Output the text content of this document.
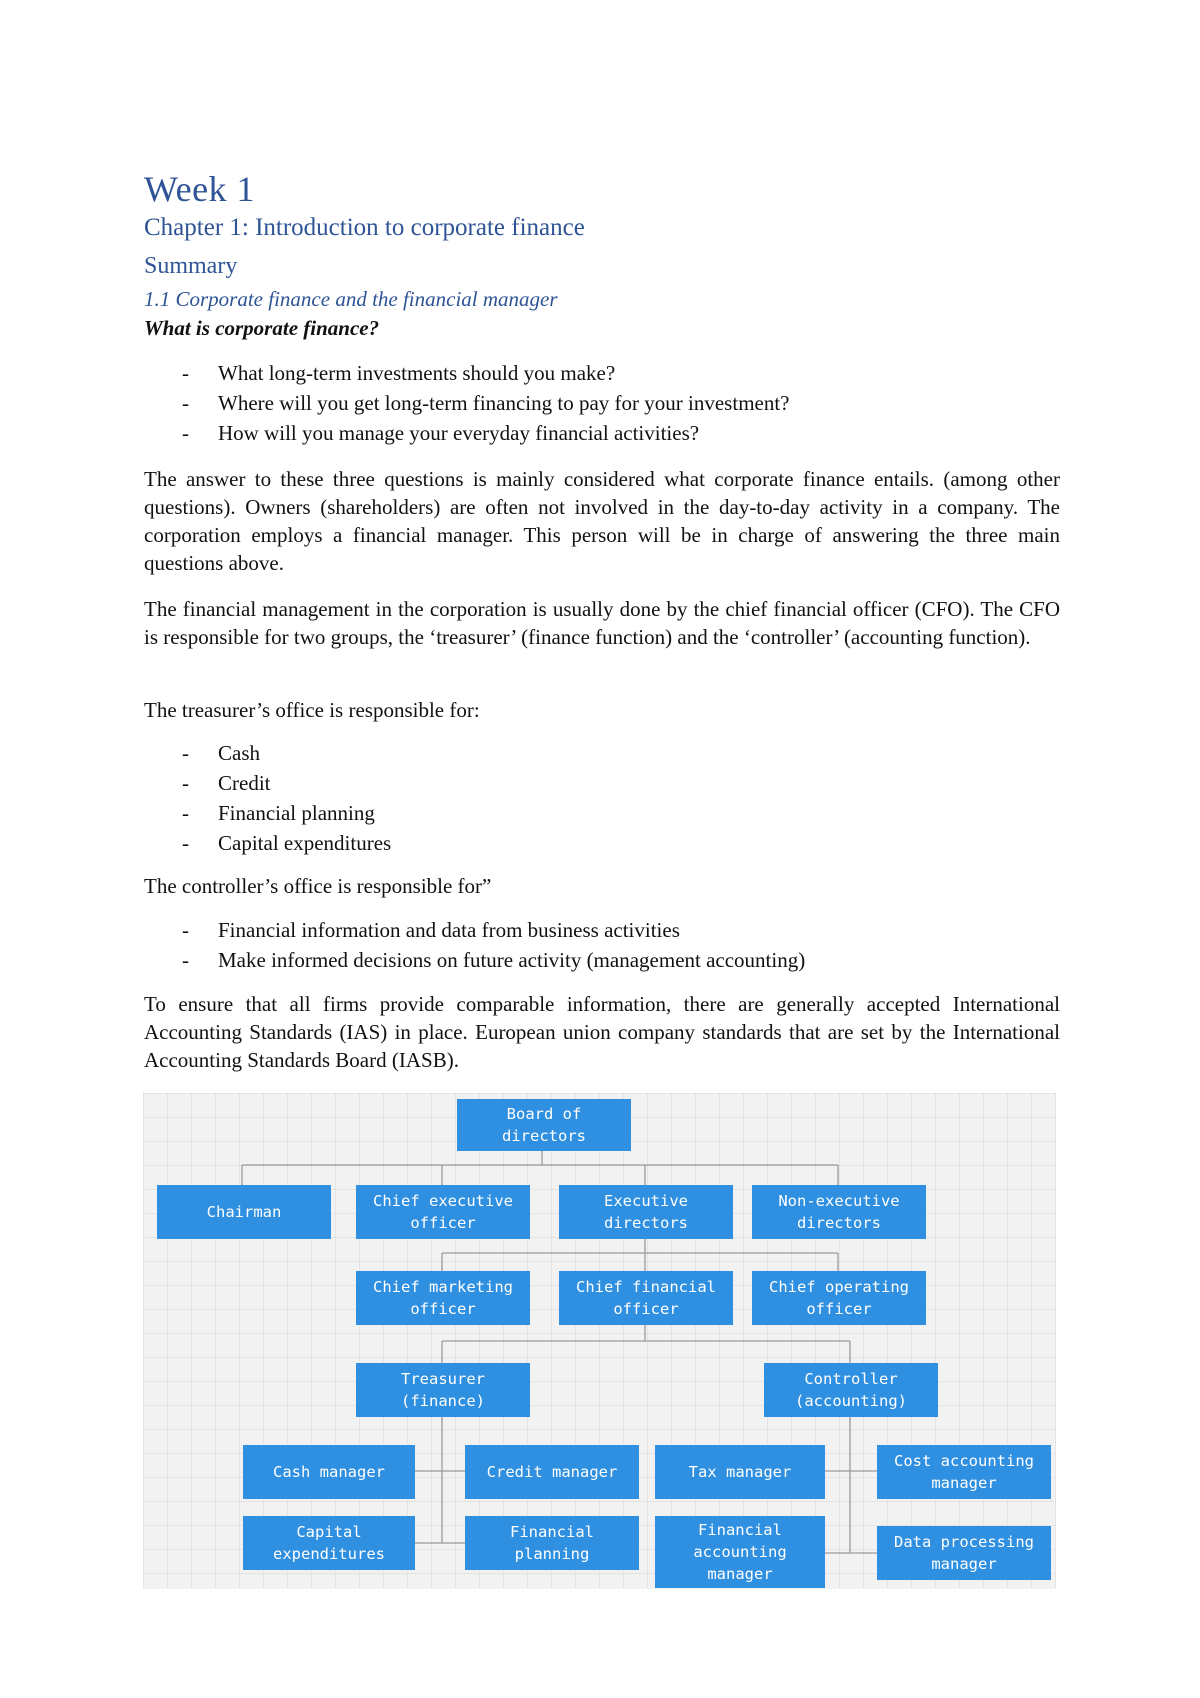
Week 1
Chapter 1: Introduction to corporate finance
Summary
1.1 Corporate finance and the financial manager
What is corporate finance?
- What long-term investments should you make?
- Where will you get long-term financing to pay for your investment?
- How will you manage your everyday financial activities?

The answer to these three questions is mainly considered what corporate finance entails. (among other questions). Owners (shareholders) are often not involved in the day-to-day activity in a company. The corporation employs a financial manager. This person will be in charge of answering the three main questions above.

The financial management in the corporation is usually done by the chief financial officer (CFO). The CFO is responsible for two groups, the ‘treasurer’ (finance function) and the ‘controller’ (accounting function).

The treasurer’s office is responsible for:

- Cash
- Credit
- Financial planning
- Capital expenditures

The controller’s office is responsible for”

- Financial information and data from business activities
- Make informed decisions on future activity (management accounting)

To ensure that all firms provide comparable information, there are generally accepted International Accounting Standards (IAS) in place. European union company standards that are set by the International Accounting Standards Board (IASB).

Board of
directors
Chairman
Chief executive
officer
Executive
directors
Non-executive
directors
Chief marketing
officer
Chief financial
officer
Chief operating
officer
Treasurer
(finance)
Controller
(accounting)
Cash manager	Credit manager
Capital
expenditures
Financial
planning
Tax manager
Cost accounting
manager
Financial
accounting
manager
Data processing
manager
